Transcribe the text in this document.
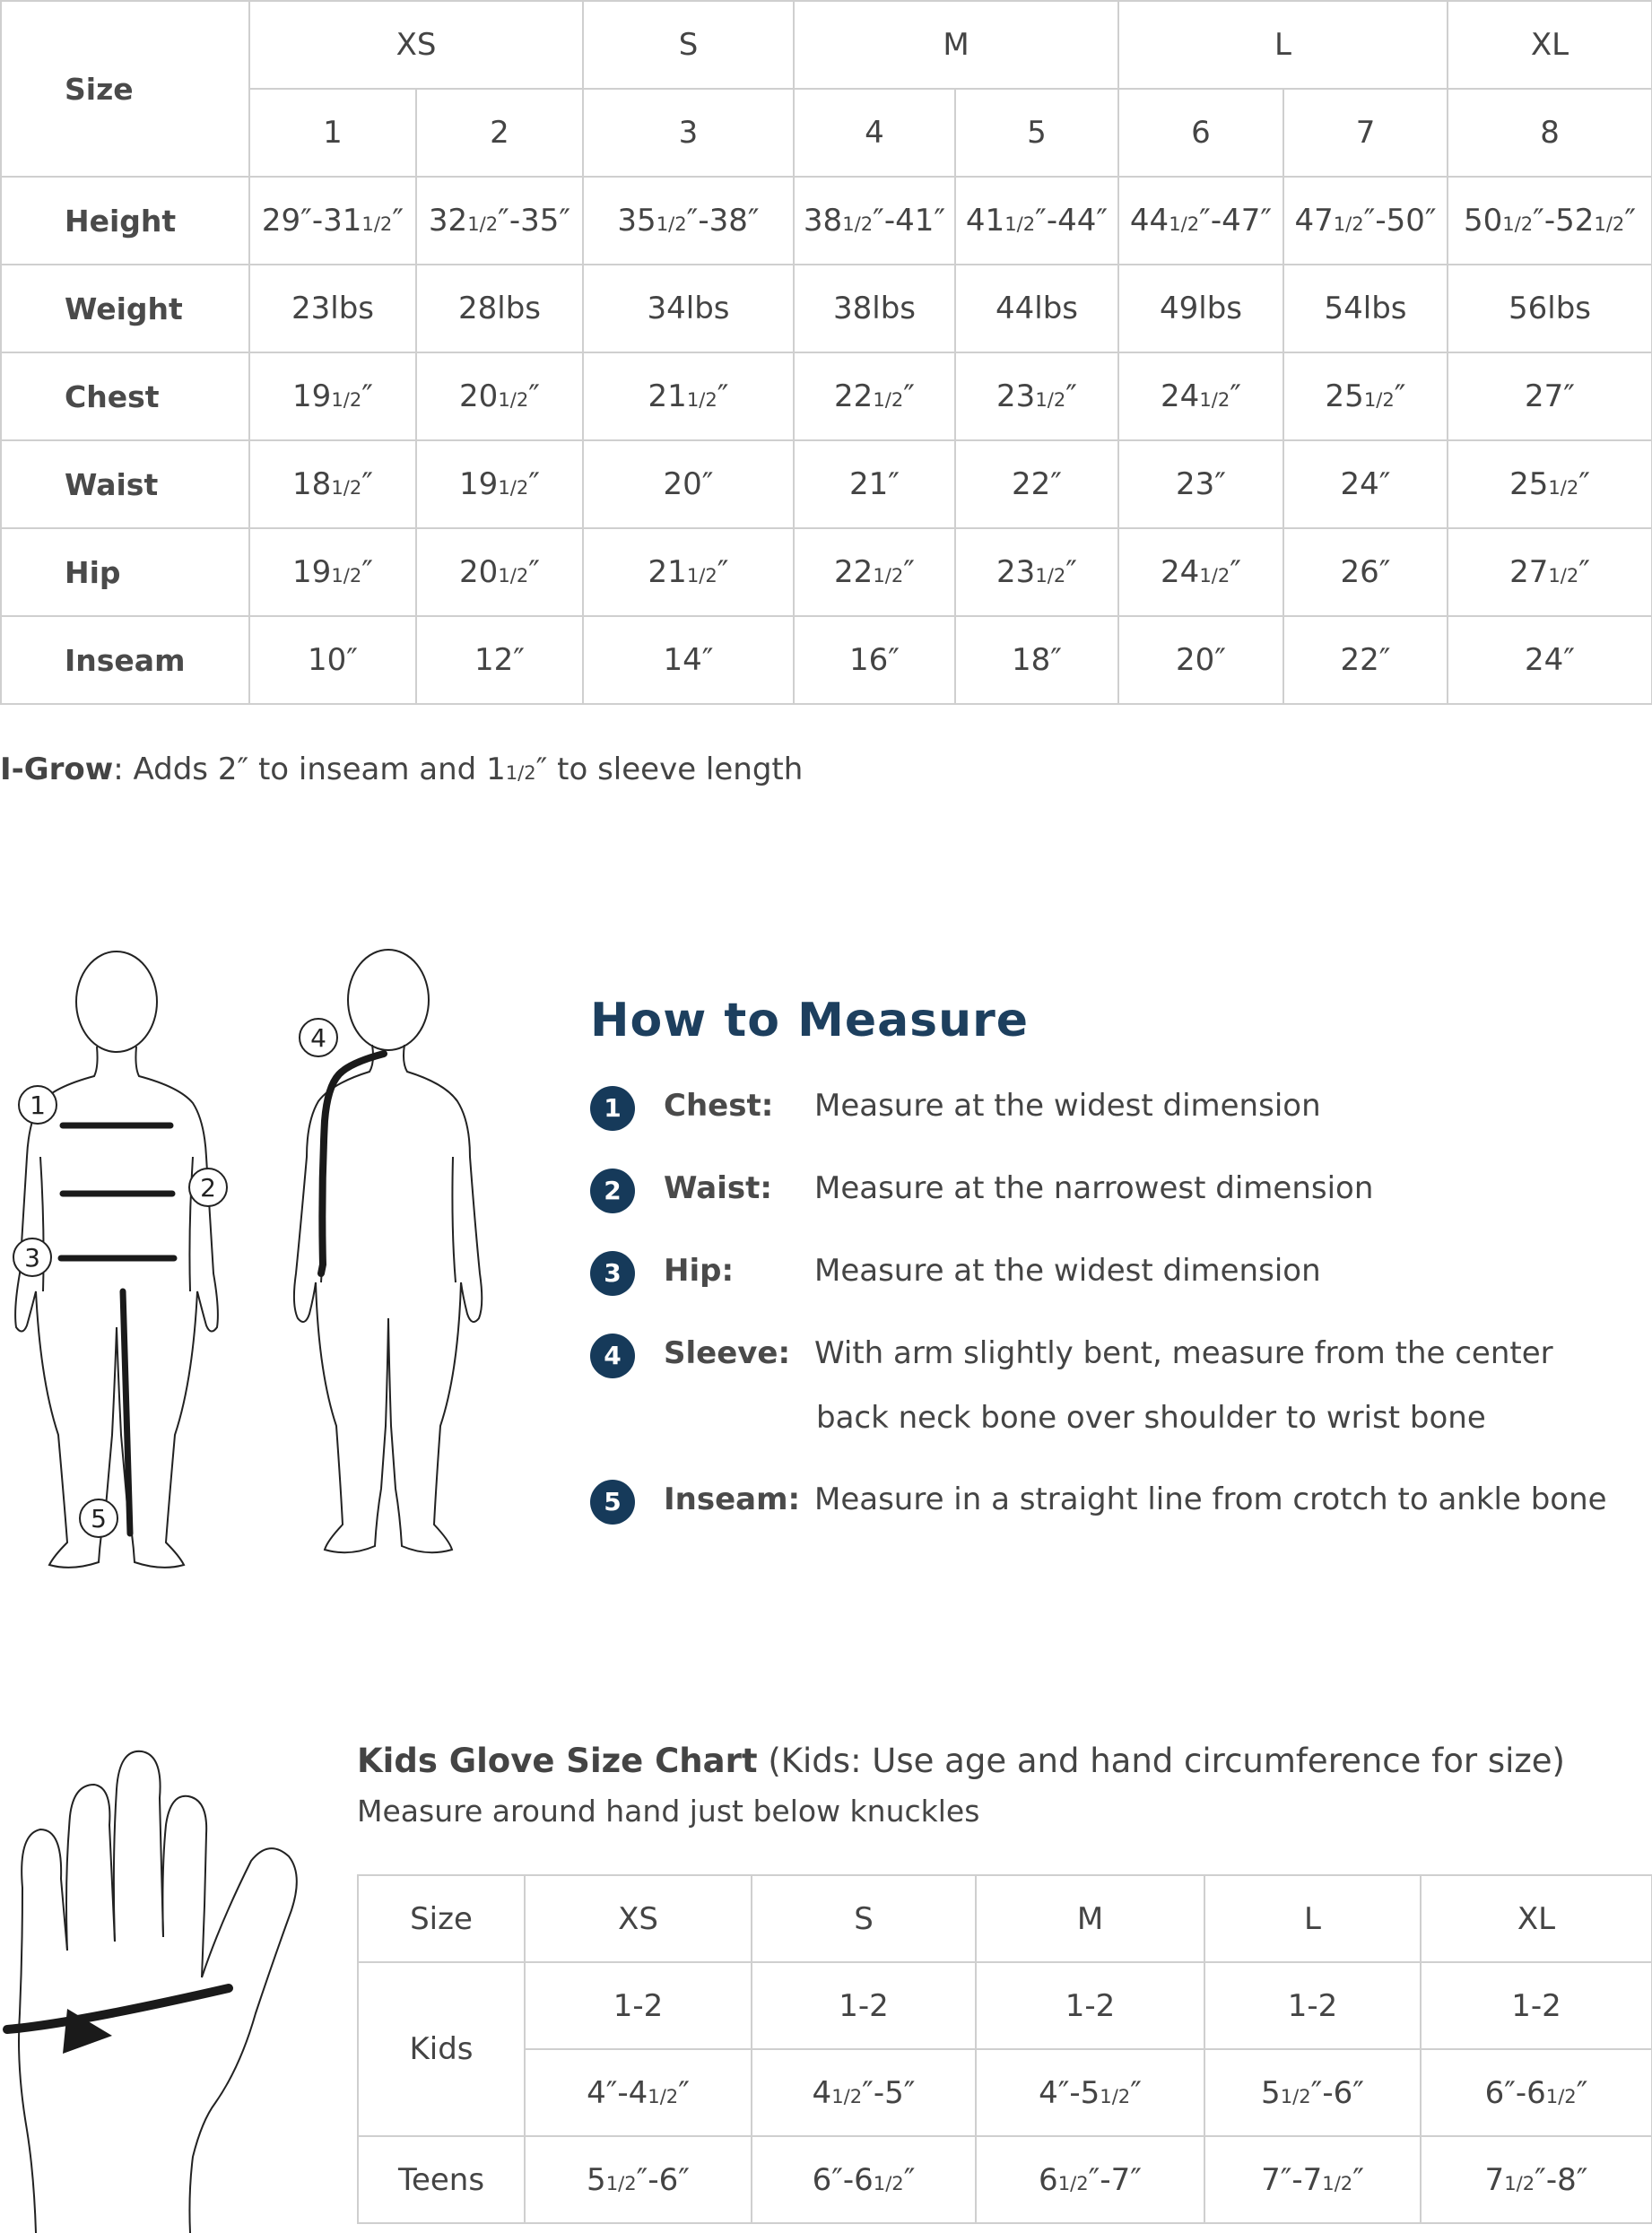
Size	XS		S	M		L		XL
	1	2	3	4	5	6	7	8
Height	29″-311/2″	321/2″-35″	351/2″-38″	381/2″-41″	411/2″-44″	441/2″-47″	471/2″-50″	501/2″-521/2″
Weight	23lbs	28lbs	34lbs	38lbs	44lbs	49lbs	54lbs	56lbs
Chest	191/2″	201/2″	211/2″	221/2″	231/2″	241/2″	251/2″	27″
Waist	181/2″	191/2″	20″	21″	22″	23″	24″	251/2″
Hip	191/2″	201/2″	211/2″	221/2″	231/2″	241/2″	26″	271/2″
Inseam	10″	12″	14″	16″	18″	20″	22″	24″
I-Grow: Adds 2″ to inseam and 11/2″ to sleeve length
1
2
3
5
4	How to Measure
1	Chest: Measure at the widest dimension
2	Waist: Measure at the narrowest dimension
3	Hip:	Measure at the widest dimension
4	Sleeve: With arm slightly bent, measure from the center
back neck bone over shoulder to wrist bone
5	Inseam: Measure in a straight line from crotch to ankle bone
Kids Glove Size Chart (Kids: Use age and hand circumference for size)
Measure around hand just below knuckles
Size	XS	S	M	L	XL
Kids	1-2	1-2	1-2	1-2	1-2
	4″-41/2″	41/2″-5″	4″-51/2″	51/2″-6″	6″-61/2″
Teens	51/2″-6″	6″-61/2″	61/2″-7″	7″-71/2″	71/2″-8″
